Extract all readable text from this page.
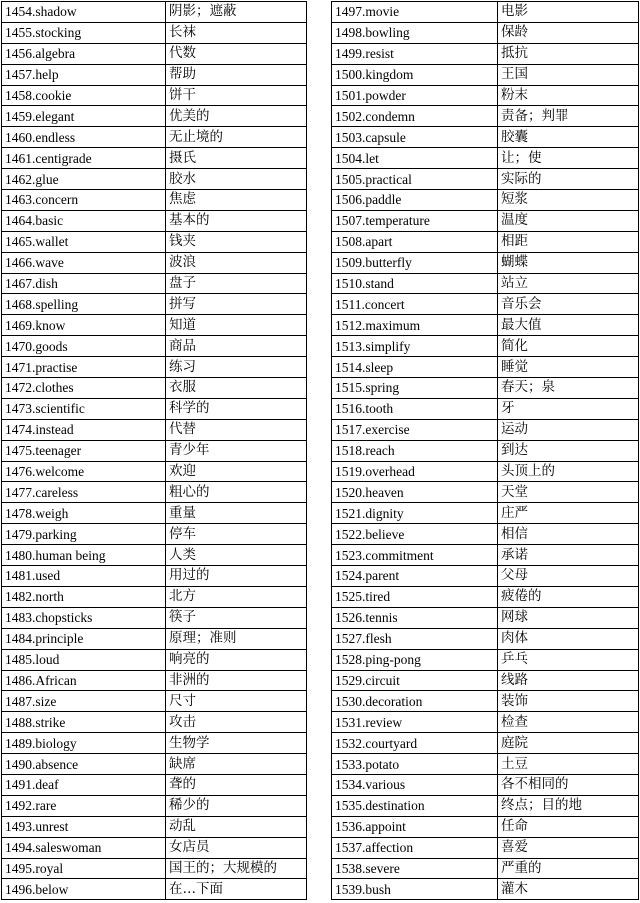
1454.shadow	阴影；遮蔽
1455.stocking	长袜
1456.algebra	代数
1457.help	帮助
1458.cookie	饼干
1459.elegant	优美的
1460.endless	无止境的
1461.centigrade	摄氏
1462.glue	胶水
1463.concern	焦虑
1464.basic	基本的
1465.wallet	钱夹
1466.wave	波浪
1467.dish	盘子
1468.spelling	拼写
1469.know	知道
1470.goods	商品
1471.practise	练习
1472.clothes	衣服
1473.scientific	科学的
1474.instead	代替
1475.teenager	青少年
1476.welcome	欢迎
1477.careless	粗心的
1478.weigh	重量
1479.parking	停车
1480.human being	人类
1481.used	用过的
1482.north	北方
1483.chopsticks	筷子
1484.principle	原理；准则
1485.loud	响亮的
1486.African	非洲的
1487.size	尺寸
1488.strike	攻击
1489.biology	生物学
1490.absence	缺席
1491.deaf	聋的
1492.rare	稀少的
1493.unrest	动乱
1494.saleswoman	女店员
1495.royal	国王的；大规模的
1496.below	在…下面
1497.movie	电影
1498.bowling	保龄
1499.resist	抵抗
1500.kingdom	王国
1501.powder	粉末
1502.condemn	责备；判罪
1503.capsule	胶囊
1504.let	让；使
1505.practical	实际的
1506.paddle	短浆
1507.temperature	温度
1508.apart	相距
1509.butterfly	蝴蝶
1510.stand	站立
1511.concert	音乐会
1512.maximum	最大值
1513.simplify	简化
1514.sleep	睡觉
1515.spring	春天；泉
1516.tooth	牙
1517.exercise	运动
1518.reach	到达
1519.overhead	头顶上的
1520.heaven	天堂
1521.dignity	庄严
1522.believe	相信
1523.commitment	承诺
1524.parent	父母
1525.tired	疲倦的
1526.tennis	网球
1527.flesh	肉体
1528.ping-pong	乒乓
1529.circuit	线路
1530.decoration	装饰
1531.review	检查
1532.courtyard	庭院
1533.potato	土豆
1534.various	各不相同的
1535.destination	终点；目的地
1536.appoint	任命
1537.affection	喜爱
1538.severe	严重的
1539.bush	灌木
